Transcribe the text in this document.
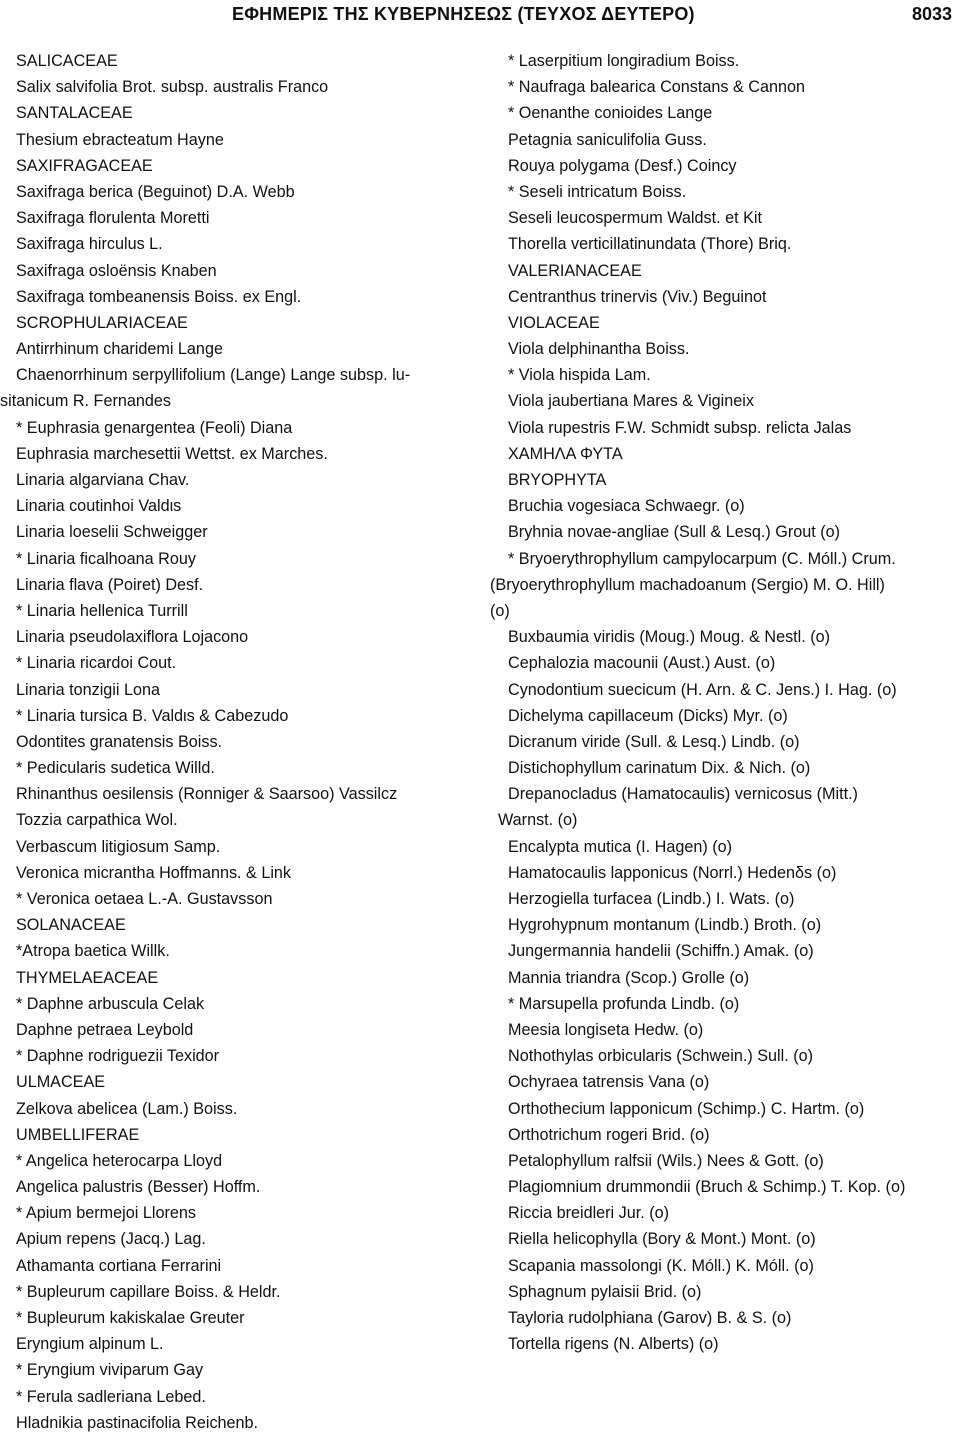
ΕΦΗΜΕΡΙΣ ΤΗΣ ΚΥΒΕΡΝΗΣΕΩΣ (ΤΕΥΧΟΣ ΔΕΥΤΕΡΟ)	8033
SALICACEAE
Salix salvifolia Brot. subsp. australis Franco
SANTALACEAE
Thesium ebracteatum Hayne
SAXIFRAGACEAE
Saxifraga berica (Beguinot) D.A. Webb
Saxifraga florulenta Moretti
Saxifraga hirculus L.
Saxifraga osloënsis Knaben
Saxifraga tombeanensis Boiss. ex Engl.
SCROPHULARIACEAE
Antirrhinum charidemi Lange
Chaenorrhinum serpyllifolium (Lange) Lange subsp. lu-
sitanicum R. Fernandes
* Euphrasia genargentea (Feoli) Diana
Euphrasia marchesettii Wettst. ex Marches.
Linaria algarviana Chav.
Linaria coutinhoi Valdιs
Linaria loeselii Schweigger
* Linaria ficalhoana Rouy
Linaria flava (Poiret) Desf.
* Linaria hellenica Turrill
Linaria pseudolaxiflora Lojacono
* Linaria ricardoi Cout.
Linaria tonzigii Lona
* Linaria tursica B. Valdιs & Cabezudo
Odontites granatensis Boiss.
* Pedicularis sudetica Willd.
Rhinanthus oesilensis (Ronniger & Saarsoo) Vassilcz
Tozzia carpathica Wol.
Verbascum litigiosum Samp.
Veronica micrantha Hoffmanns. & Link
* Veronica oetaea L.-A. Gustavsson
SOLANACEAE
*Atropa baetica Willk.
THYMELAEACEAE
* Daphne arbuscula Celak
Daphne petraea Leybold
* Daphne rodriguezii Texidor
ULMACEAE
Zelkova abelicea (Lam.) Boiss.
UMBELLIFERAE
* Angelica heterocarpa Lloyd
Angelica palustris (Besser) Hoffm.
* Apium bermejoi Llorens
Apium repens (Jacq.) Lag.
Athamanta cortiana Ferrarini
* Bupleurum capillare Boiss. & Heldr.
* Bupleurum kakiskalae Greuter
Eryngium alpinum L.
* Eryngium viviparum Gay
* Ferula sadleriana Lebed.
Hladnikia pastinacifolia Reichenb.
* Laserpitium longiradium Boiss.
* Naufraga balearica Constans & Cannon
* Oenanthe conioides Lange
Petagnia saniculifolia Guss.
Rouya polygama (Desf.) Coincy
* Seseli intricatum Boiss.
Seseli leucospermum Waldst. et Kit
Thorella verticillatinundata (Thore) Briq.
VALERIANACEAE
Centranthus trinervis (Viv.) Beguinot
VIOLACEAE
Viola delphinantha Boiss.
* Viola hispida Lam.
Viola jaubertiana Mares & Vigineix
Viola rupestris F.W. Schmidt subsp. relicta Jalas
ΧΑΜΗΛΑ ΦΥΤΑ
BRYOPHYTA
Bruchia vogesiaca Schwaegr. (o)
Bryhnia novae-angliae (Sull & Lesq.) Grout (o)
* Bryoerythrophyllum campylocarpum (C. Móll.) Crum.
(Bryoerythrophyllum machadoanum (Sergio) M. O. Hill)
(o)
Buxbaumia viridis (Moug.) Moug. & Nestl. (o)
Cephalozia macounii (Aust.) Aust. (o)
Cynodontium suecicum (H. Arn. & C. Jens.) I. Hag. (o)
Dichelyma capillaceum (Dicks) Myr. (o)
Dicranum viride (Sull. & Lesq.) Lindb. (o)
Distichophyllum carinatum Dix. & Nich. (o)
Drepanocladus (Hamatocaulis) vernicosus (Mitt.)
Warnst. (o)
Encalypta mutica (I. Hagen) (o)
Hamatocaulis lapponicus (Norrl.) Hedenδs (o)
Herzogiella turfacea (Lindb.) I. Wats. (o)
Hygrohypnum montanum (Lindb.) Broth. (o)
Jungermannia handelii (Schiffn.) Amak. (o)
Mannia triandra (Scop.) Grolle (o)
* Marsupella profunda Lindb. (o)
Meesia longiseta Hedw. (o)
Nothothylas orbicularis (Schwein.) Sull. (o)
Ochyraea tatrensis Vana (o)
Orthothecium lapponicum (Schimp.) C. Hartm. (o)
Orthotrichum rogeri Brid. (o)
Petalophyllum ralfsii (Wils.) Nees & Gott. (o)
Plagiomnium drummondii (Bruch & Schimp.) T. Kop. (o)
Riccia breidleri Jur. (o)
Riella helicophylla (Bory & Mont.) Mont. (o)
Scapania massolongi (K. Móll.) K. Móll. (o)
Sphagnum pylaisii Brid. (o)
Tayloria rudolphiana (Garov) B. & S. (o)
Tortella rigens (N. Alberts) (o)
